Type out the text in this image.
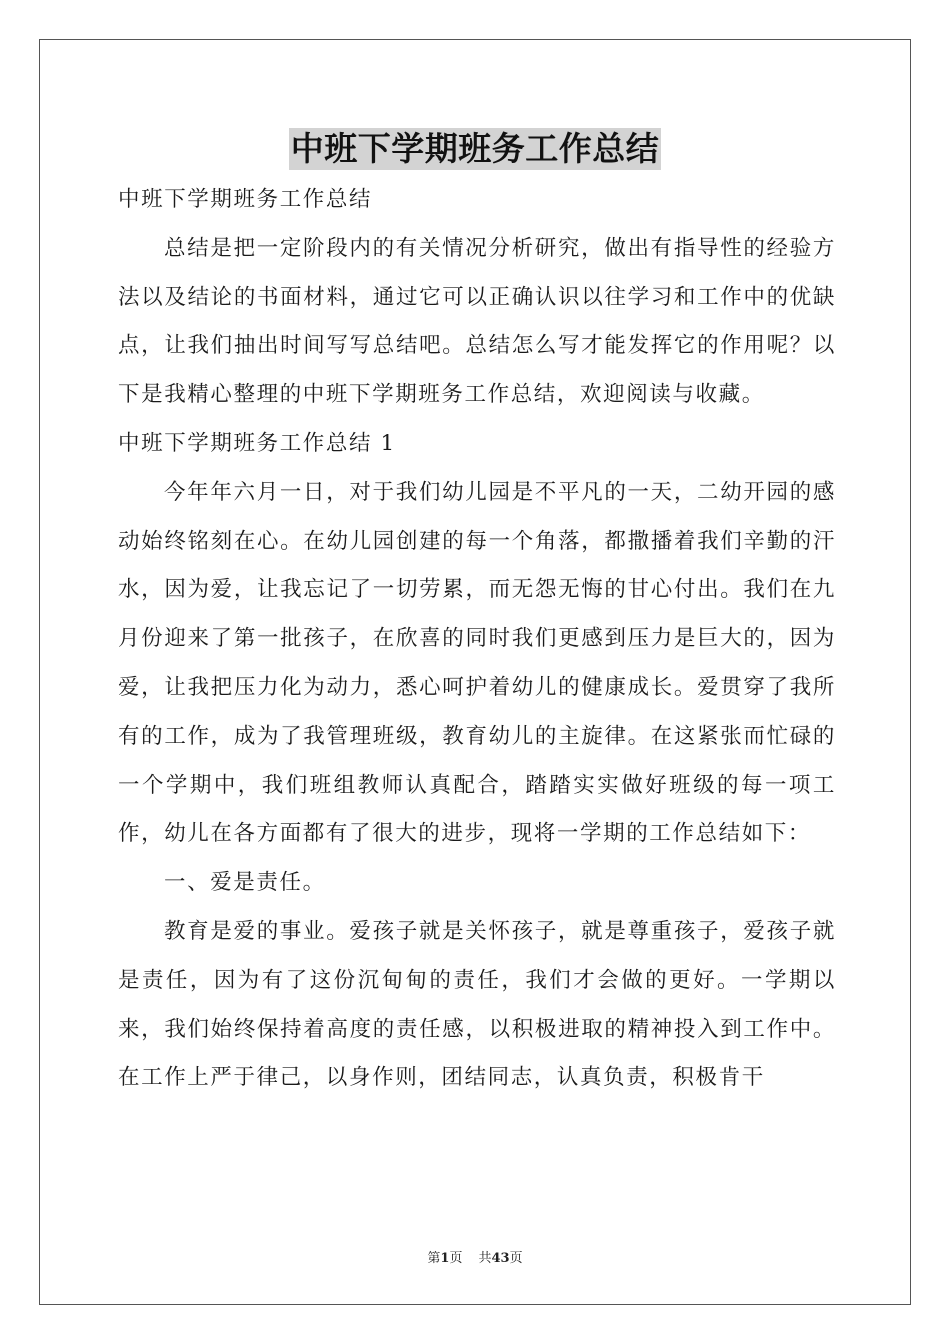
中班下学期班务工作总结

中班下学期班务工作总结

总结是把一定阶段内的有关情况分析研究，做出有指导性的经验方法以及结论的书面材料，通过它可以正确认识以往学习和工作中的优缺点，让我们抽出时间写写总结吧。总结怎么写才能发挥它的作用呢？以下是我精心整理的中班下学期班务工作总结，欢迎阅读与收藏。

中班下学期班务工作总结 1

今年年六月一日，对于我们幼儿园是不平凡的一天，二幼开园的感动始终铭刻在心。在幼儿园创建的每一个角落，都撒播着我们辛勤的汗水，因为爱，让我忘记了一切劳累，而无怨无悔的甘心付出。我们在九月份迎来了第一批孩子，在欣喜的同时我们更感到压力是巨大的，因为爱，让我把压力化为动力，悉心呵护着幼儿的健康成长。爱贯穿了我所有的工作，成为了我管理班级，教育幼儿的主旋律。在这紧张而忙碌的一个学期中，我们班组教师认真配合，踏踏实实做好班级的每一项工作，幼儿在各方面都有了很大的进步，现将一学期的工作总结如下：

一、爱是责任。

教育是爱的事业。爱孩子就是关怀孩子，就是尊重孩子，爱孩子就是责任，因为有了这份沉甸甸的责任，我们才会做的更好。一学期以来，我们始终保持着高度的责任感，以积极进取的精神投入到工作中。在工作上严于律己，以身作则，团结同志，认真负责，积极肯干

第1页 共43页
